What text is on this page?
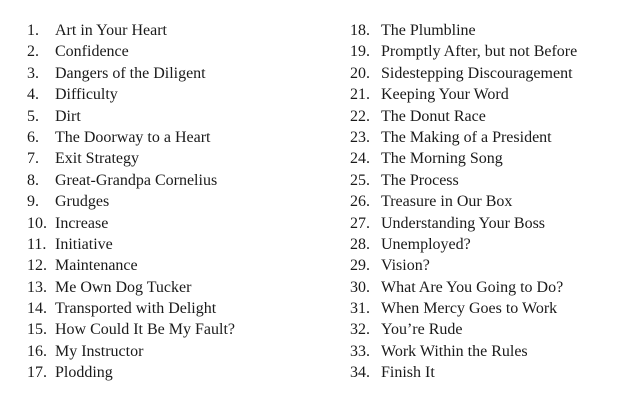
1.	Art in Your Heart
2.	Confidence
3.	Dangers of the Diligent
4.	Difficulty
5.	Dirt
6.	The Doorway to a Heart
7.	Exit Strategy
8.	Great-Grandpa Cornelius
9.	Grudges
10. Increase
11. Initiative
12. Maintenance
13. Me Own Dog Tucker
14. Transported with Delight
15. How Could It Be My Fault?
16. My Instructor
17. Plodding
18. The Plumbline
19. Promptly After, but not Before
20. Sidestepping Discouragement
21. Keeping Your Word
22. The Donut Race
23. The Making of a President
24. The Morning Song
25. The Process
26. Treasure in Our Box
27. Understanding Your Boss
28. Unemployed?
29. Vision?
30. What Are You Going to Do?
31. When Mercy Goes to Work
32. You’re Rude
33. Work Within the Rules
34. Finish It
